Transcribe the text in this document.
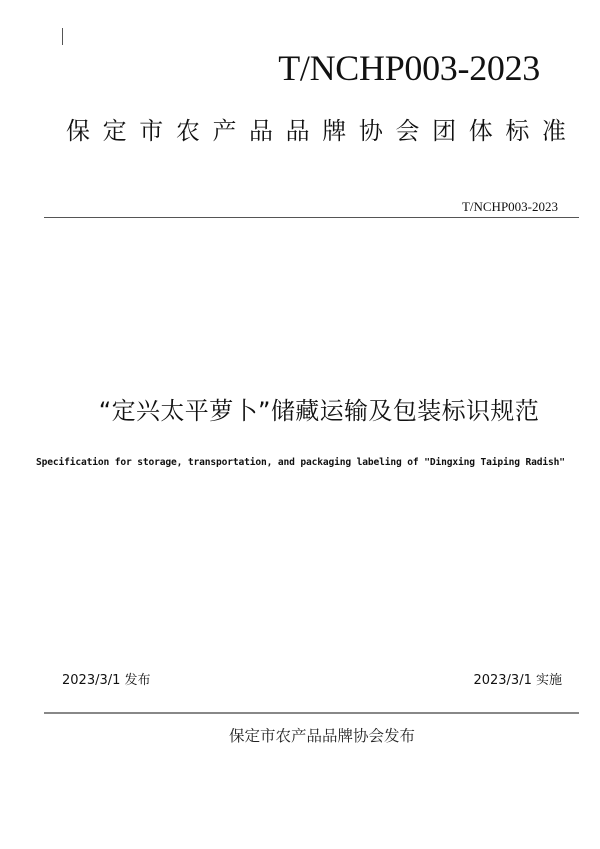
T/NCHP003-2023
保 定 市 农 产 品 品 牌 协 会 团 体 标 准
T/NCHP003-2023
“定兴太平萝卜”储藏运输及包装标识规范
Specification for storage, transportation, and packaging labeling of "Dingxing Taiping Radish"
2023/3/1 发布	2023/3/1 实施
保定市农产品品牌协会发布
